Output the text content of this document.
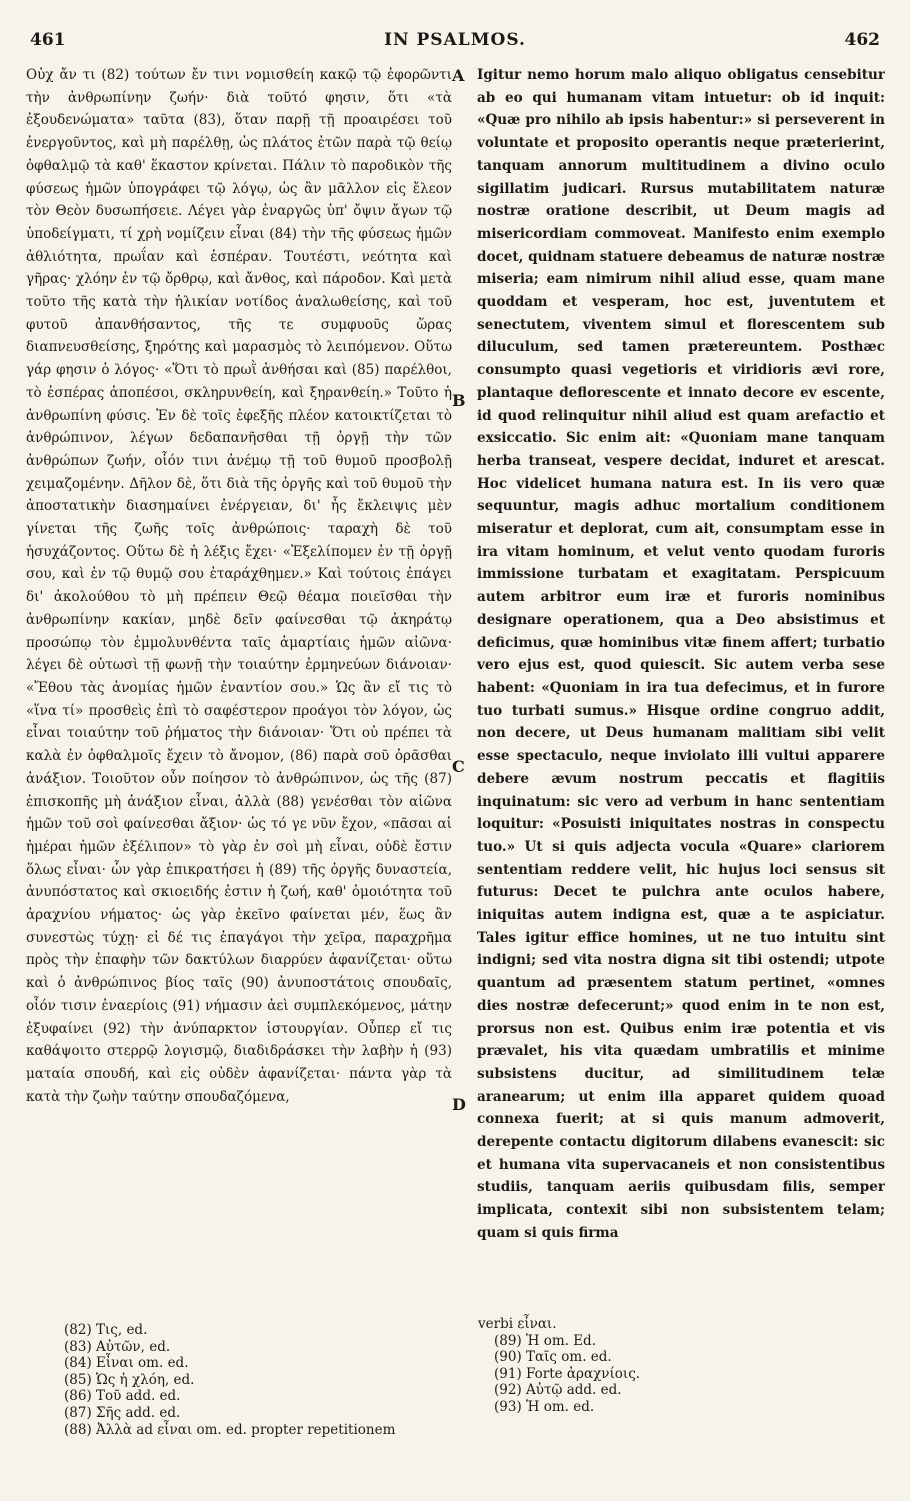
461	IN PSALMOS.	462

Οὐχ ἄν τι (82) τούτων ἔν τινι νομισθείη κακῷ τῷ ἐφορῶντι τὴν ἀνθρωπίνην ζωήν· διὰ τοῦτό φησιν, ὅτι «τὰ ἐξουδενώματα» ταῦτα (83), ὅταν παρῇ τῇ προαιρέσει τοῦ ἐνεργοῦντος, καὶ μὴ παρέλθῃ, ὡς πλάτος ἐτῶν παρὰ τῷ θείῳ ὀφθαλμῷ τὰ καθ' ἕκαστον κρίνεται. Πάλιν τὸ παροδικὸν τῆς φύσεως ἡμῶν ὑπογράφει τῷ λόγῳ, ὡς ἂν μᾶλλον εἰς ἔλεον τὸν Θεὸν δυσωπήσειε. Λέγει γὰρ ἐναργῶς ὑπ' ὄψιν ἄγων τῷ ὑποδείγματι, τί χρὴ νομίζειν εἶναι (84) τὴν τῆς φύσεως ἡμῶν ἀθλιότητα, πρωΐαν καὶ ἑσπέραν. Τουτέστι, νεότητα καὶ γῆρας· χλόην ἐν τῷ ὄρθρῳ, καὶ ἄνθος, καὶ πάροδον. Καὶ μετὰ τοῦτο τῆς κατὰ τὴν ἡλικίαν νοτίδος ἀναλωθείσης, καὶ τοῦ φυτοῦ ἀπανθήσαντος, τῆς τε συμφυοῦς ὥρας διαπνευσθείσης, ξηρότης καὶ μαρασμὸς τὸ λειπόμενον. Οὕτω γάρ φησιν ὁ λόγος· «Ὅτι τὸ πρωῒ ἀνθήσαι καὶ (85) παρέλθοι, τὸ ἑσπέρας ἀποπέσοι, σκληρυνθείη, καὶ ξηρανθείη.» Τοῦτο ἡ ἀνθρωπίνη φύσις. Ἐν δὲ τοῖς ἐφεξῆς πλέον κατοικτίζεται τὸ ἀνθρώπινον, λέγων δεδαπανῆσθαι τῇ ὀργῇ τὴν τῶν ἀνθρώπων ζωήν, οἷόν τινι ἀνέμῳ τῇ τοῦ θυμοῦ προσβολῇ χειμαζομένην. Δῆλον δὲ, ὅτι διὰ τῆς ὀργῆς καὶ τοῦ θυμοῦ τὴν ἀποστατικὴν διασημαίνει ἐνέργειαν, δι' ἧς ἔκλειψις μὲν γίνεται τῆς ζωῆς τοῖς ἀνθρώποις· ταραχὴ δὲ τοῦ ἡσυχάζοντος. Οὕτω δὲ ἡ λέξις ἔχει· «Ἐξελίπομεν ἐν τῇ ὀργῇ σου, καὶ ἐν τῷ θυμῷ σου ἐταράχθημεν.» Καὶ τούτοις ἐπάγει δι' ἀκολούθου τὸ μὴ πρέπειν Θεῷ θέαμα ποιεῖσθαι τὴν ἀνθρωπίνην κακίαν, μηδὲ δεῖν φαίνεσθαι τῷ ἀκηράτῳ προσώπῳ τὸν ἐμμολυνθέντα ταῖς ἁμαρτίαις ἡμῶν αἰῶνα· λέγει δὲ οὑτωσὶ τῇ φωνῇ τὴν τοιαύτην ἑρμηνεύων διάνοιαν· «Ἔθου τὰς ἀνομίας ἡμῶν ἐναντίον σου.» Ὡς ἂν εἴ τις τὸ «ἵνα τί» προσθεὶς ἐπὶ τὸ σαφέστερον προάγοι τὸν λόγον, ὡς εἶναι τοιαύτην τοῦ ῥήματος τὴν διάνοιαν· Ὅτι οὐ πρέπει τὰ καλὰ ἐν ὀφθαλμοῖς ἔχειν τὸ ἄνομον, (86) παρὰ σοῦ ὁρᾶσθαι ἀνάξιον. Τοιοῦτον οὖν ποίησον τὸ ἀνθρώπινον, ὡς τῆς (87) ἐπισκοπῆς μὴ ἀνάξιον εἶναι, ἀλλὰ (88) γενέσθαι τὸν αἰῶνα ἡμῶν τοῦ σοὶ φαίνεσθαι ἄξιον· ὡς τό γε νῦν ἔχον, «πᾶσαι αἱ ἡμέραι ἡμῶν ἐξέλιπον» τὸ γὰρ ἐν σοὶ μὴ εἶναι, οὐδὲ ἔστιν ὅλως εἶναι· ὧν γὰρ ἐπικρατήσει ἡ (89) τῆς ὀργῆς δυναστεία, ἀνυπόστατος καὶ σκιοειδής ἐστιν ἡ ζωή, καθ' ὁμοιότητα τοῦ ἀραχνίου νήματος· ὡς γὰρ ἐκεῖνο φαίνεται μέν, ἕως ἂν συνεστὼς τύχῃ· εἰ δέ τις ἐπαγάγοι τὴν χεῖρα, παραχρῆμα πρὸς τὴν ἐπαφὴν τῶν δακτύλων διαρρύεν ἀφανίζεται· οὕτω καὶ ὁ ἀνθρώπινος βίος ταῖς (90) ἀνυποστάτοις σπουδαῖς, οἷόν τισιν ἐναερίοις (91) νήμασιν ἀεὶ συμπλεκόμενος, μάτην ἐξυφαίνει (92) τὴν ἀνύπαρκτον ἱστουργίαν. Οὗπερ εἴ τις καθάψοιτο στερρῷ λογισμῷ, διαδιδράσκει τὴν λαβὴν ἡ (93) ματαία σπουδή, καὶ εἰς οὐδὲν ἀφανίζεται· πάντα γὰρ τὰ κατὰ τὴν ζωὴν ταύτην σπουδαζόμενα,

A
B
C
D

Igitur nemo horum malo aliquo obligatus censebitur ab eo qui humanam vitam intuetur: ob id inquit: «Quæ pro nihilo ab ipsis habentur:» si perseverent in voluntate et proposito operantis neque præterierint, tanquam annorum multitudinem a divino oculo sigillatim judicari. Rursus mutabilitatem naturæ nostræ oratione describit, ut Deum magis ad misericordiam commoveat. Manifesto enim exemplo docet, quidnam statuere debeamus de naturæ nostræ miseria; eam nimirum nihil aliud esse, quam mane quoddam et vesperam, hoc est, juventutem et senectutem, viventem simul et florescentem sub diluculum, sed tamen prætereuntem. Posthæc consumpto quasi vegetioris et viridioris ævi rore, plantaque deflorescente et innato decore ev escente, id quod relinquitur nihil aliud est quam arefactio et exsiccatio. Sic enim ait: «Quoniam mane tanquam herba transeat, vespere decidat, induret et arescat. Hoc videlicet humana natura est. In iis vero quæ sequuntur, magis adhuc mortalium conditionem miseratur et deplorat, cum ait, consumptam esse in ira vitam hominum, et velut vento quodam furoris immissione turbatam et exagitatam. Perspicuum autem arbitror eum iræ et furoris nominibus designare operationem, qua a Deo absistimus et deficimus, quæ hominibus vitæ finem affert; turbatio vero ejus est, quod quiescit. Sic autem verba sese habent: «Quoniam in ira tua defecimus, et in furore tuo turbati sumus.» Hisque ordine congruo addit, non decere, ut Deus humanam malitiam sibi velit esse spectaculo, neque inviolato illi vultui apparere debere ævum nostrum peccatis et flagitiis inquinatum: sic vero ad verbum in hanc sententiam loquitur: «Posuisti iniquitates nostras in conspectu tuo.» Ut si quis adjecta vocula «Quare» clariorem sententiam reddere velit, hic hujus loci sensus sit futurus: Decet te pulchra ante oculos habere, iniquitas autem indigna est, quæ a te aspiciatur. Tales igitur effice homines, ut ne tuo intuitu sint indigni; sed vita nostra digna sit tibi ostendi; utpote quantum ad præsentem statum pertinet, «omnes dies nostræ defecerunt;» quod enim in te non est, prorsus non est. Quibus enim iræ potentia et vis prævalet, his vita quædam umbratilis et minime subsistens ducitur, ad similitudinem telæ aranearum; ut enim illa apparet quidem quoad connexa fuerit; at si quis manum admoverit, derepente contactu digitorum dilabens evanescit: sic et humana vita supervacaneis et non consistentibus studiis, tanquam aeriis quibusdam filis, semper implicata, contexit sibi non subsistentem telam; quam si quis firma

(82) Τις, ed.
(83) Αὐτῶν, ed.
(84) Εἶναι om. ed.
(85) Ὡς ἡ χλόη, ed.
(86) Τοῦ add. ed.
(87) Σῆς add. ed.
(88) Ἀλλὰ ad εἶναι om. ed. propter repetitionem
verbi εἶναι.
(89) Ἡ om. Ed.
(90) Ταῖς om. ed.
(91) Forte ἀραχνίοις.
(92) Αὐτῷ add. ed.
(93) Ἡ om. ed.
